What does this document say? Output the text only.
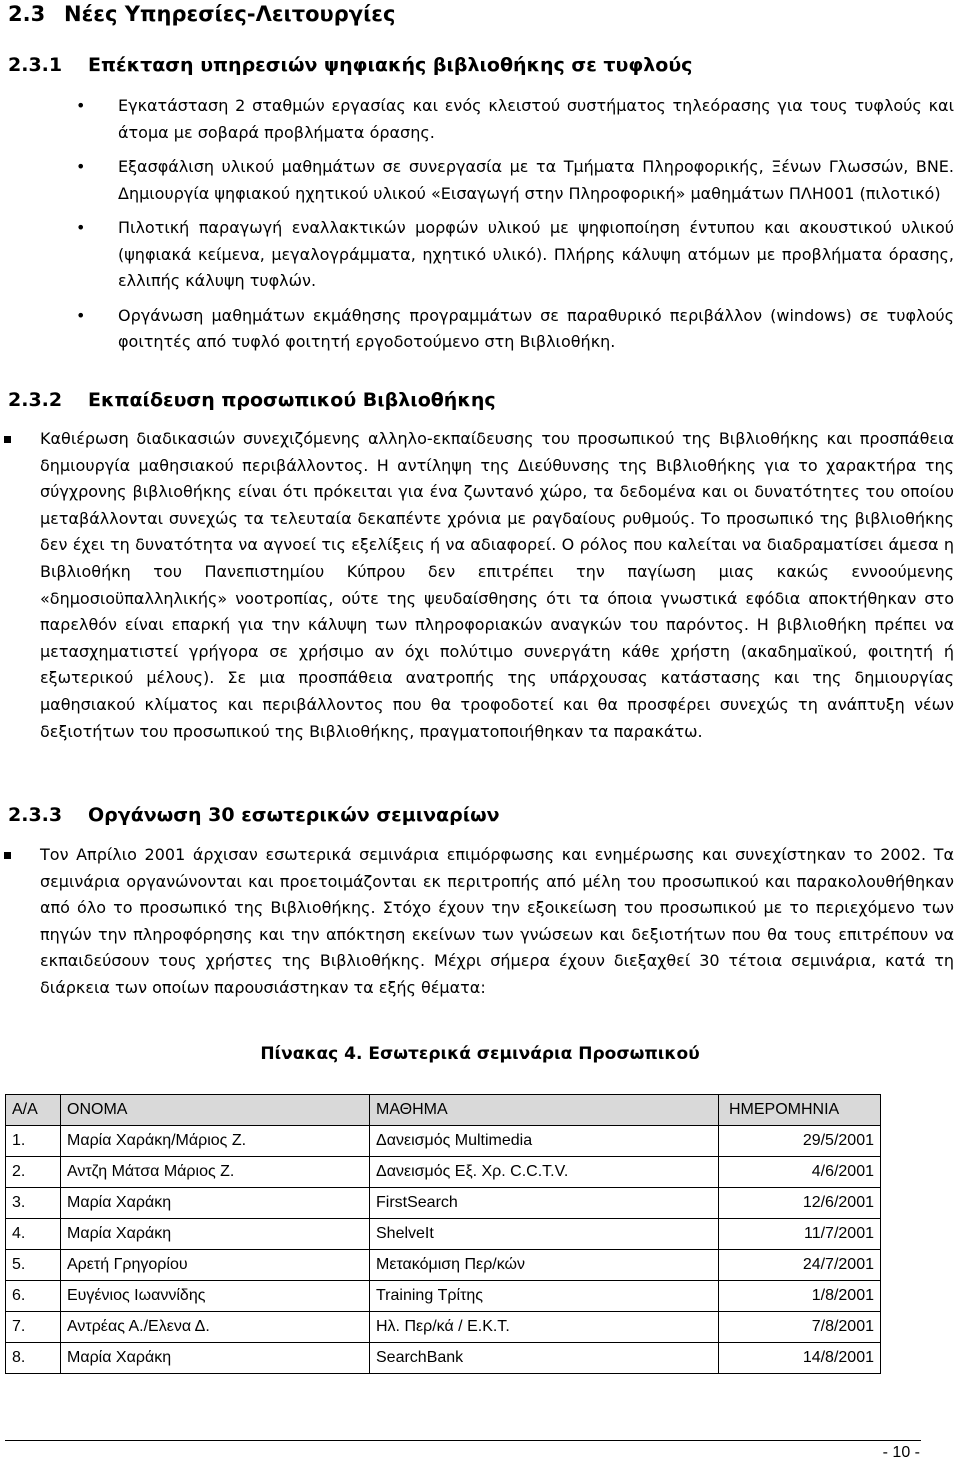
2.3 Νέες Υπηρεσίες-Λειτουργίες
2.3.1 Επέκταση υπηρεσιών ψηφιακής βιβλιοθήκης σε τυφλούς
• Εγκατάσταση 2 σταθμών εργασίας και ενός κλειστού συστήματος τηλεόρασης για τους τυφλούς και άτομα με σοβαρά προβλήματα όρασης.
• Εξασφάλιση υλικού μαθημάτων σε συνεργασία με τα Τμήματα Πληροφορικής, Ξένων Γλωσσών, ΒΝΕ. Δημιουργία ψηφιακού ηχητικού υλικού «Εισαγωγή στην Πληροφορική» μαθημάτων ΠΛΗ001 (πιλοτικό)
• Πιλοτική παραγωγή εναλλακτικών μορφών υλικού με ψηφιοποίηση έντυπου και ακουστικού υλικού (ψηφιακά κείμενα, μεγαλογράμματα, ηχητικό υλικό). Πλήρης κάλυψη ατόμων με προβλήματα όρασης, ελλιπής κάλυψη τυφλών.
• Οργάνωση μαθημάτων εκμάθησης προγραμμάτων σε παραθυρικό περιβάλλον (windows) σε τυφλούς φοιτητές από τυφλό φοιτητή εργοδοτούμενο στη Βιβλιοθήκη.
2.3.2 Εκπαίδευση προσωπικού Βιβλιοθήκης
Καθιέρωση διαδικασιών συνεχιζόμενης αλληλο-εκπαίδευσης του προσωπικού της Βιβλιοθήκης και προσπάθεια δημιουργία μαθησιακού περιβάλλοντος. Η αντίληψη της Διεύθυνσης της Βιβλιοθήκης για το χαρακτήρα της σύγχρονης βιβλιοθήκης είναι ότι πρόκειται για ένα ζωντανό χώρο, τα δεδομένα και οι δυνατότητες του οποίου μεταβάλλονται συνεχώς τα τελευταία δεκαπέντε χρόνια με ραγδαίους ρυθμούς. Το προσωπικό της βιβλιοθήκης δεν έχει τη δυνατότητα να αγνοεί τις εξελίξεις ή να αδιαφορεί. Ο ρόλος που καλείται να διαδραματίσει άμεσα η Βιβλιοθήκη του Πανεπιστημίου Κύπρου δεν επιτρέπει την παγίωση μιας κακώς εννοούμενης «δημοσιοϋπαλληλικής» νοοτροπίας, ούτε της ψευδαίσθησης ότι τα όποια γνωστικά εφόδια αποκτήθηκαν στο παρελθόν είναι επαρκή για την κάλυψη των πληροφοριακών αναγκών του παρόντος. Η βιβλιοθήκη πρέπει να μετασχηματιστεί γρήγορα σε χρήσιμο αν όχι πολύτιμο συνεργάτη κάθε χρήστη (ακαδημαϊκού, φοιτητή ή εξωτερικού μέλους). Σε μια προσπάθεια ανατροπής της υπάρχουσας κατάστασης και της δημιουργίας μαθησιακού κλίματος και περιβάλλοντος που θα τροφοδοτεί και θα προσφέρει συνεχώς τη ανάπτυξη νέων δεξιοτήτων του προσωπικού της Βιβλιοθήκης, πραγματοποιήθηκαν τα παρακάτω.
2.3.3 Οργάνωση 30 εσωτερικών σεμιναρίων
Τον Απρίλιο 2001 άρχισαν εσωτερικά σεμινάρια επιμόρφωσης και ενημέρωσης και συνεχίστηκαν το 2002. Τα σεμινάρια οργανώνονται και προετοιμάζονται εκ περιτροπής από μέλη του προσωπικού και παρακολουθήθηκαν από όλο το προσωπικό της Βιβλιοθήκης. Στόχο έχουν την εξοικείωση του προσωπικού με το περιεχόμενο των πηγών την πληροφόρησης και την απόκτηση εκείνων των γνώσεων και δεξιοτήτων που θα τους επιτρέπουν να εκπαιδεύσουν τους χρήστες της Βιβλιοθήκης. Μέχρι σήμερα έχουν διεξαχθεί 30 τέτοια σεμινάρια, κατά τη διάρκεια των οποίων παρουσιάστηκαν τα εξής θέματα:
Πίνακας 4. Εσωτερικά σεμινάρια Προσωπικού
Α/Α	ΟΝΟΜΑ	ΜΑΘΗΜΑ	ΗΜΕΡΟΜΗΝΙΑ
1.	Μαρία Χαράκη/Μάριος Ζ.	Δανεισμός Multimedia	29/5/2001
2.	Αντζη Μάτσα Μάριος Ζ.	Δανεισμός Εξ. Χρ. C.C.T.V.	4/6/2001
3.	Μαρία Χαράκη	FirstSearch	12/6/2001
4.	Μαρία Χαράκη	ShelveIt	11/7/2001
5.	Αρετή Γρηγορίου	Μετακόμιση Περ/κών	24/7/2001
6.	Ευγένιος Ιωαννίδης	Training Τρίτης	1/8/2001
7.	Αντρέας Α./Ελενα Δ.	Ηλ. Περ/κά / Ε.Κ.Τ.	7/8/2001
8.	Μαρία Χαράκη	SearchBank	14/8/2001
- 10 -
